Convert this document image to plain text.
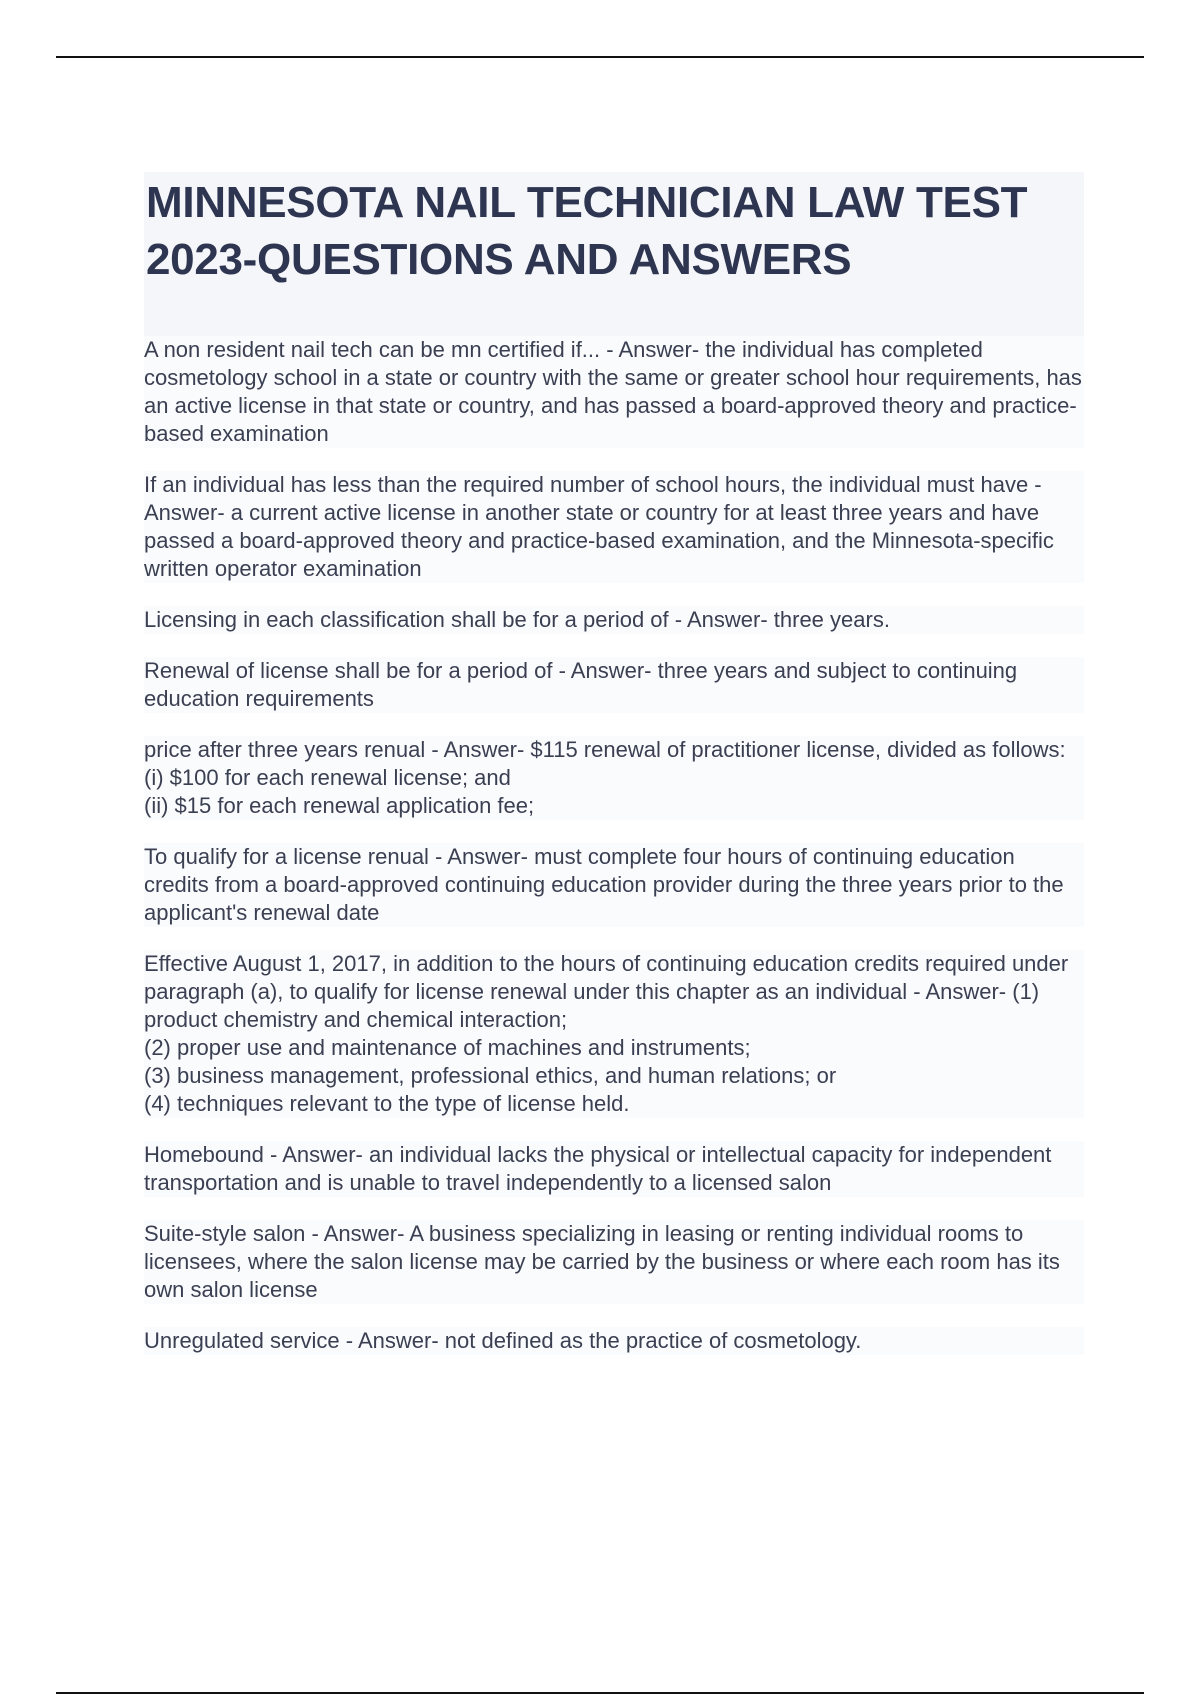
MINNESOTA NAIL TECHNICIAN LAW TEST 2023-QUESTIONS AND ANSWERS

A non resident nail tech can be mn certified if... - Answer- the individual has completed cosmetology school in a state or country with the same or greater school hour requirements, has an active license in that state or country, and has passed a board-approved theory and practice-based examination

If an individual has less than the required number of school hours, the individual must have - Answer- a current active license in another state or country for at least three years and have passed a board-approved theory and practice-based examination, and the Minnesota-specific written operator examination

Licensing in each classification shall be for a period of - Answer- three years.

Renewal of license shall be for a period of - Answer- three years and subject to continuing education requirements

price after three years renual - Answer- $115 renewal of practitioner license, divided as follows:
(i) $100 for each renewal license; and
(ii) $15 for each renewal application fee;

To qualify for a license renual - Answer- must complete four hours of continuing education credits from a board-approved continuing education provider during the three years prior to the applicant's renewal date

Effective August 1, 2017, in addition to the hours of continuing education credits required under paragraph (a), to qualify for license renewal under this chapter as an individual - Answer- (1) product chemistry and chemical interaction;
(2) proper use and maintenance of machines and instruments;
(3) business management, professional ethics, and human relations; or
(4) techniques relevant to the type of license held.

Homebound - Answer- an individual lacks the physical or intellectual capacity for independent transportation and is unable to travel independently to a licensed salon

Suite-style salon - Answer- A business specializing in leasing or renting individual rooms to licensees, where the salon license may be carried by the business or where each room has its own salon license

Unregulated service - Answer- not defined as the practice of cosmetology.
